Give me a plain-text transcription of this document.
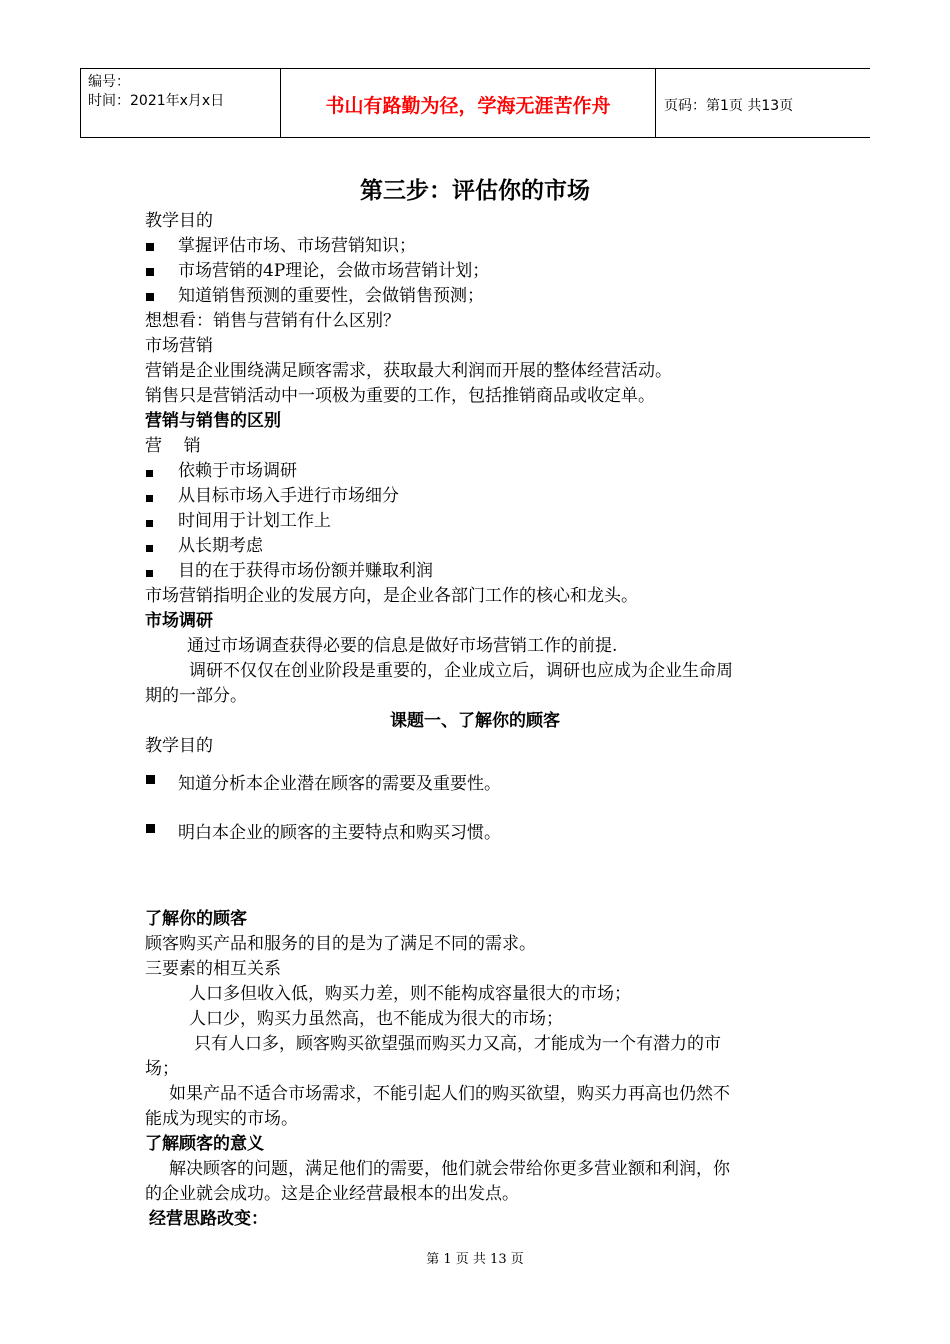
编号：
时间：2021年x月x日	书山有路勤为径，学海无涯苦作舟	页码：第1页 共13页
第三步：评估你的市场
教学目的
掌握评估市场、市场营销知识；
市场营销的4P理论，会做市场营销计划；
知道销售预测的重要性，会做销售预测；
想想看：销售与营销有什么区别？
市场营销
营销是企业围绕满足顾客需求，获取最大利润而开展的整体经营活动。
销售只是营销活动中一项极为重要的工作，包括推销商品或收定单。
营销与销售的区别
营    销
依赖于市场调研
从目标市场入手进行市场细分
时间用于计划工作上
从长期考虑
目的在于获得市场份额并赚取利润
市场营销指明企业的发展方向，是企业各部门工作的核心和龙头。
市场调研
通过市场调查获得必要的信息是做好市场营销工作的前提.
调研不仅仅在创业阶段是重要的，企业成立后，调研也应成为企业生命周
期的一部分。
课题一、了解你的顾客
教学目的
知道分析本企业潜在顾客的需要及重要性。
明白本企业的顾客的主要特点和购买习惯。
了解你的顾客
顾客购买产品和服务的目的是为了满足不同的需求。
三要素的相互关系
人口多但收入低，购买力差，则不能构成容量很大的市场；
人口少，购买力虽然高，也不能成为很大的市场；
只有人口多，顾客购买欲望强而购买力又高，才能成为一个有潜力的市
场；
如果产品不适合市场需求，不能引起人们的购买欲望，购买力再高也仍然不
能成为现实的市场。
了解顾客的意义
解决顾客的问题，满足他们的需要，他们就会带给你更多营业额和利润，你
的企业就会成功。这是企业经营最根本的出发点。
经营思路改变：
第 1 页 共 13 页
